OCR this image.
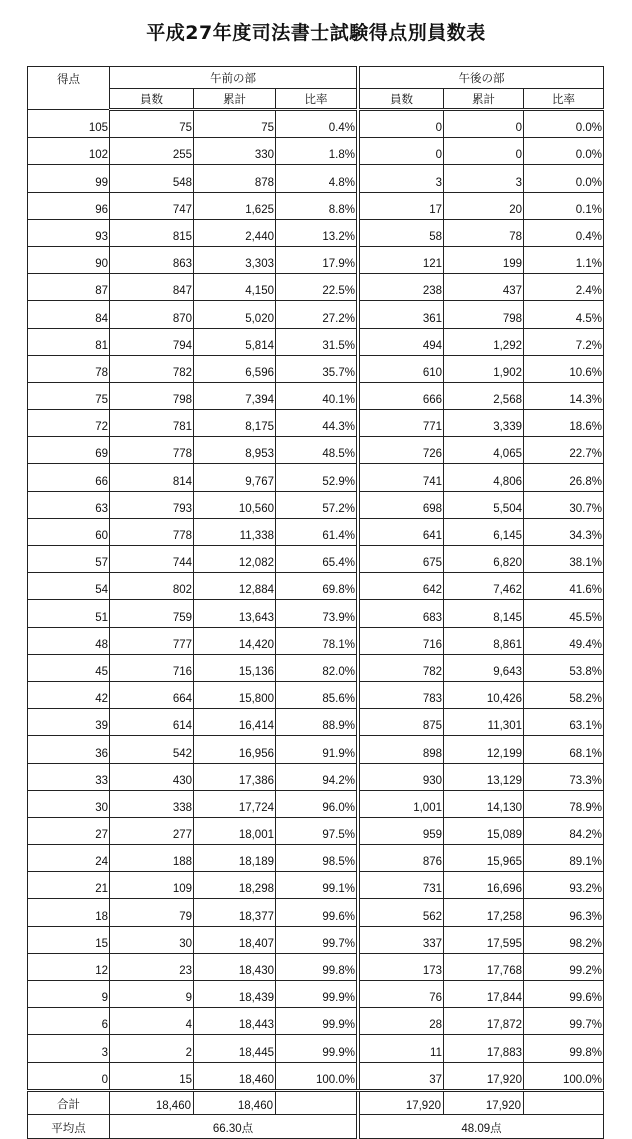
平成27年度司法書士試験得点別員数表
得点	午前の部				午後の部		
	員数	累計	比率		員数	累計	比率
105	75	75	0.4%		0	0	0.0%
102	255	330	1.8%		0	0	0.0%
99	548	878	4.8%		3	3	0.0%
96	747	1,625	8.8%		17	20	0.1%
93	815	2,440	13.2%		58	78	0.4%
90	863	3,303	17.9%		121	199	1.1%
87	847	4,150	22.5%		238	437	2.4%
84	870	5,020	27.2%		361	798	4.5%
81	794	5,814	31.5%		494	1,292	7.2%
78	782	6,596	35.7%		610	1,902	10.6%
75	798	7,394	40.1%		666	2,568	14.3%
72	781	8,175	44.3%		771	3,339	18.6%
69	778	8,953	48.5%		726	4,065	22.7%
66	814	9,767	52.9%		741	4,806	26.8%
63	793	10,560	57.2%		698	5,504	30.7%
60	778	11,338	61.4%		641	6,145	34.3%
57	744	12,082	65.4%		675	6,820	38.1%
54	802	12,884	69.8%		642	7,462	41.6%
51	759	13,643	73.9%		683	8,145	45.5%
48	777	14,420	78.1%		716	8,861	49.4%
45	716	15,136	82.0%		782	9,643	53.8%
42	664	15,800	85.6%		783	10,426	58.2%
39	614	16,414	88.9%		875	11,301	63.1%
36	542	16,956	91.9%		898	12,199	68.1%
33	430	17,386	94.2%		930	13,129	73.3%
30	338	17,724	96.0%		1,001	14,130	78.9%
27	277	18,001	97.5%		959	15,089	84.2%
24	188	18,189	98.5%		876	15,965	89.1%
21	109	18,298	99.1%		731	16,696	93.2%
18	79	18,377	99.6%		562	17,258	96.3%
15	30	18,407	99.7%		337	17,595	98.2%
12	23	18,430	99.8%		173	17,768	99.2%
9	9	18,439	99.9%		76	17,844	99.6%
6	4	18,443	99.9%		28	17,872	99.7%
3	2	18,445	99.9%		11	17,883	99.8%
0	15	18,460	100.0%		37	17,920	100.0%
合計	18,460	18,460			17,920	17,920	
平均点	66.30点				48.09点		
